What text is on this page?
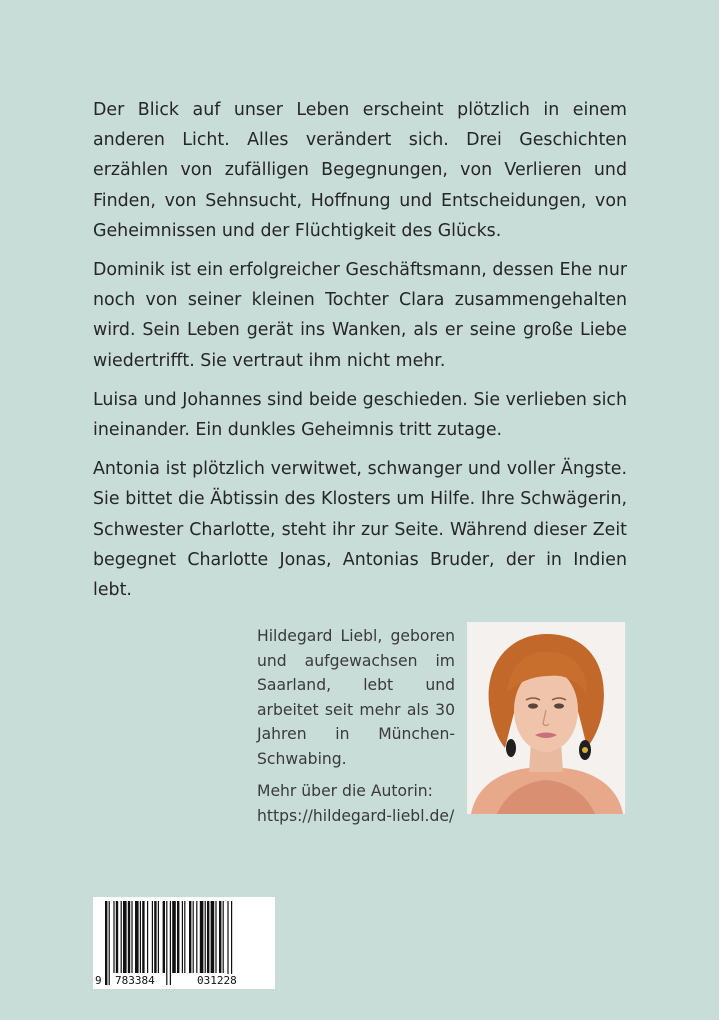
Der Blick auf unser Leben erscheint plötzlich in einem anderen Licht. Alles verändert sich. Drei Geschichten erzählen von zufälligen Begegnungen, von Verlieren und Finden, von Sehnsucht, Hoffnung und Entscheidungen, von Geheimnissen und der Flüchtigkeit des Glücks.

Dominik ist ein erfolgreicher Geschäftsmann, dessen Ehe nur noch von seiner kleinen Tochter Clara zusammengehalten wird. Sein Leben gerät ins Wanken, als er seine große Liebe wiedertrifft. Sie vertraut ihm nicht mehr.

Luisa und Johannes sind beide geschieden. Sie verlieben sich ineinander. Ein dunkles Geheimnis tritt zutage.

Antonia ist plötzlich verwitwet, schwanger und voller Ängste. Sie bittet die Äbtissin des Klosters um Hilfe. Ihre Schwägerin, Schwester Charlotte, steht ihr zur Seite. Während dieser Zeit begegnet Charlotte Jonas, Antonias Bruder, der in Indien lebt.

Hildegard Liebl, geboren und aufgewachsen im Saarland, lebt und arbeitet seit mehr als 30 Jahren in München-Schwabing.

Mehr über die Autorin:
https://hildegard-liebl.de/
9 783384	031228
